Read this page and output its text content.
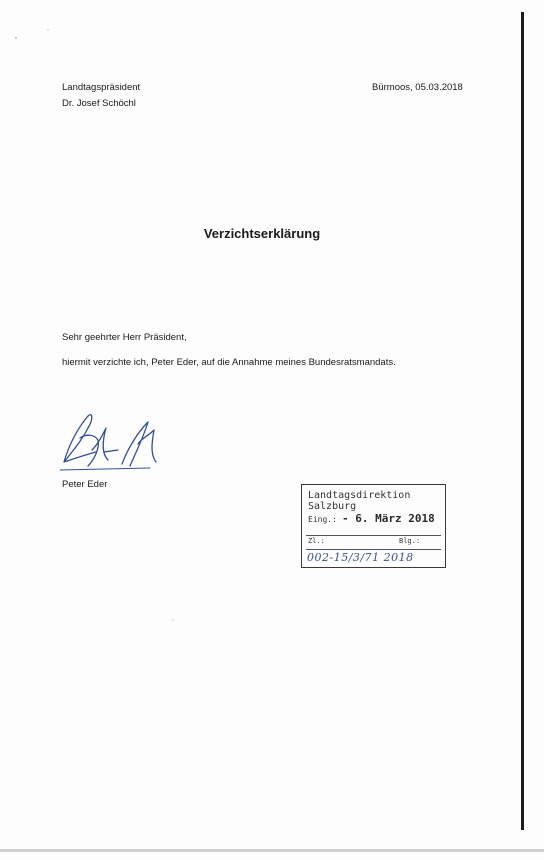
Landtagspräsident
Dr. Josef Schöchl
Bürmoos, 05.03.2018
Verzichtserklärung
Sehr geehrter Herr Präsident,
hiermit verzichte ich, Peter Eder, auf die Annahme meines Bundesratsmandats.
Peter Eder
Landtagsdirektion Salzburg
Eing.: - 6. März 2018
Zl.:	Blg.:
002-15/3/71 2018
